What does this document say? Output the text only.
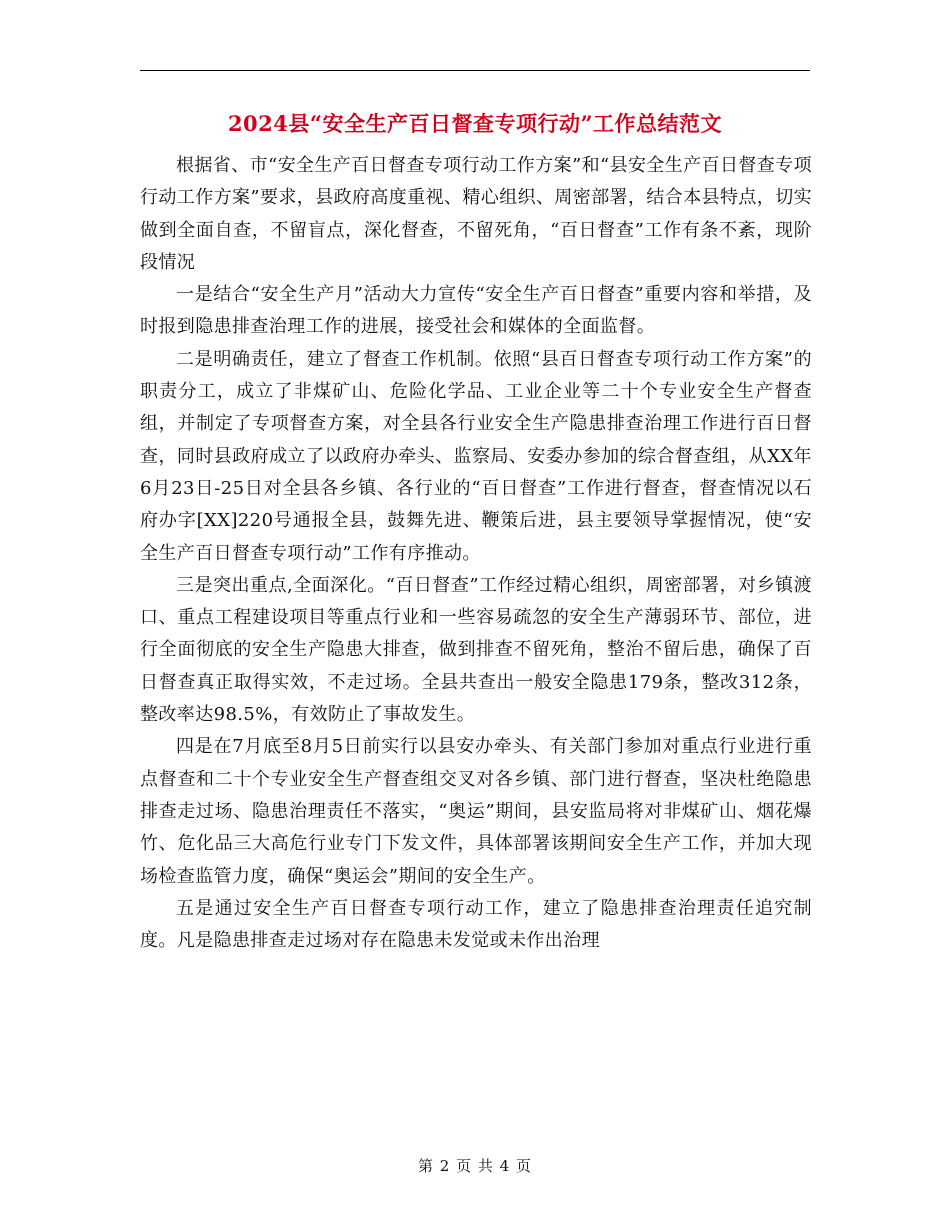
2024县“安全生产百日督查专项行动”工作总结范文

根据省、市“安全生产百日督查专项行动工作方案”和“县安全生产百日督查专项行动工作方案”要求，县政府高度重视、精心组织、周密部署，结合本县特点，切实做到全面自查，不留盲点，深化督查，不留死角，“百日督查”工作有条不紊，现阶段情况

一是结合“安全生产月”活动大力宣传“安全生产百日督查”重要内容和举措，及时报到隐患排查治理工作的进展，接受社会和媒体的全面监督。

二是明确责任，建立了督查工作机制。依照“县百日督查专项行动工作方案”的职责分工，成立了非煤矿山、危险化学品、工业企业等二十个专业安全生产督查组，并制定了专项督查方案，对全县各行业安全生产隐患排查治理工作进行百日督查，同时县政府成立了以政府办牵头、监察局、安委办参加的综合督查组，从XX年6月23日-25日对全县各乡镇、各行业的“百日督查”工作进行督查，督查情况以石府办字[XX]220号通报全县，鼓舞先进、鞭策后进，县主要领导掌握情况，使“安全生产百日督查专项行动”工作有序推动。

三是突出重点,全面深化。“百日督查”工作经过精心组织，周密部署，对乡镇渡口、重点工程建设项目等重点行业和一些容易疏忽的安全生产薄弱环节、部位，进行全面彻底的安全生产隐患大排查，做到排查不留死角，整治不留后患，确保了百日督查真正取得实效，不走过场。全县共查出一般安全隐患179条，整改312条，整改率达98.5%，有效防止了事故发生。

四是在7月底至8月5日前实行以县安办牵头、有关部门参加对重点行业进行重点督查和二十个专业安全生产督查组交叉对各乡镇、部门进行督查，坚决杜绝隐患排查走过场、隐患治理责任不落实，“奥运”期间，县安监局将对非煤矿山、烟花爆竹、危化品三大高危行业专门下发文件，具体部署该期间安全生产工作，并加大现场检查监管力度，确保“奥运会”期间的安全生产。

五是通过安全生产百日督查专项行动工作，建立了隐患排查治理责任追究制度。凡是隐患排查走过场对存在隐患未发觉或未作出治理

第 2 页 共 4 页
